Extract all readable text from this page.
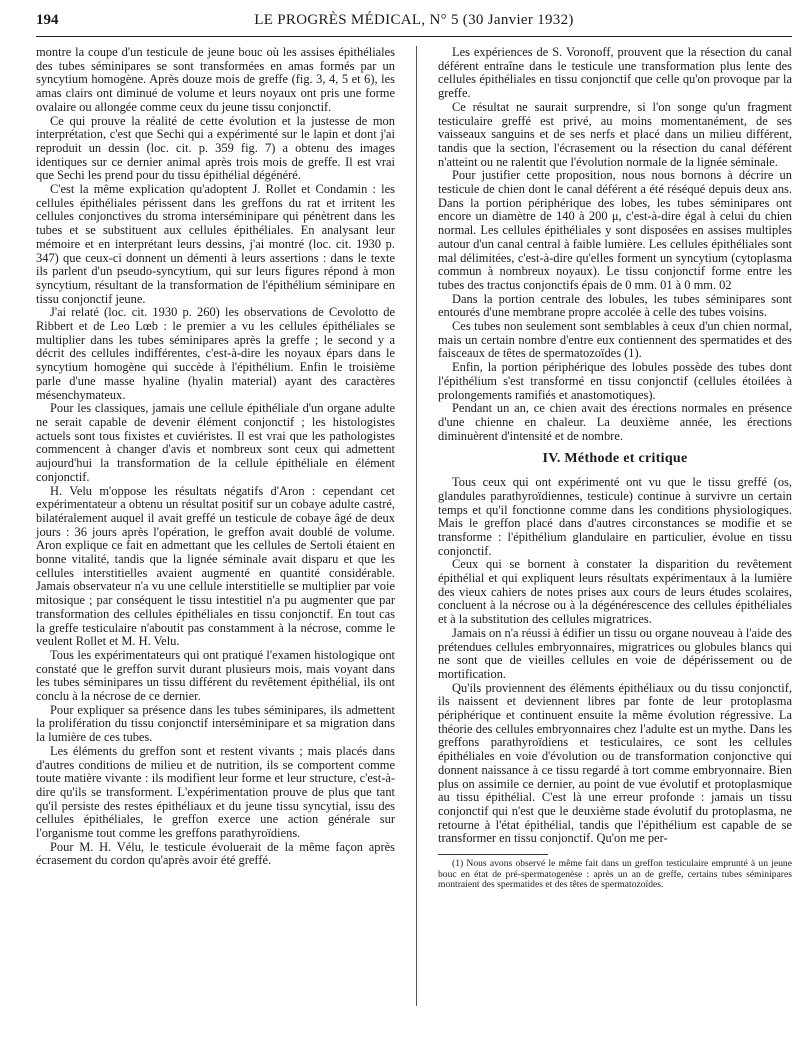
194	LE PROGRÈS MÉDICAL, N° 5 (30 Janvier 1932)

montre la coupe d'un testicule de jeune bouc où les assises épithéliales des tubes séminipares se sont transformées en amas formés par un syncytium homogène. Après douze mois de greffe (fig. 3, 4, 5 et 6), les amas clairs ont diminué de volume et leurs noyaux ont pris une forme ovalaire ou allongée comme ceux du jeune tissu conjonctif.

Ce qui prouve la réalité de cette évolution et la justesse de mon interprétation, c'est que Sechi qui a expérimenté sur le lapin et dont j'ai reproduit un dessin (loc. cit. p. 359 fig. 7) a obtenu des images identiques sur ce dernier animal après trois mois de greffe. Il est vrai que Sechi les prend pour du tissu épithélial dégénéré.

C'est la même explication qu'adoptent J. Rollet et Condamin : les cellules épithéliales périssent dans les greffons du rat et irritent les cellules conjonctives du stroma interséminipare qui pénètrent dans les tubes et se substituent aux cellules épithéliales. En analysant leur mémoire et en interprétant leurs dessins, j'ai montré (loc. cit. 1930 p. 347) que ceux-ci donnent un démenti à leurs assertions : dans le texte ils parlent d'un pseudo-syncytium, qui sur leurs figures répond à mon syncytium, résultant de la transformation de l'épithélium séminipare en tissu conjonctif jeune.

J'ai relaté (loc. cit. 1930 p. 260) les observations de Cevolotto de Ribbert et de Leo Lœb : le premier a vu les cellules épithéliales se multiplier dans les tubes séminipares après la greffe ; le second y a décrit des cellules indifférentes, c'est-à-dire les noyaux épars dans le syncytium homogène qui succède à l'épithélium. Enfin le troisième parle d'une masse hyaline (hyalin material) ayant des caractères mésenchymateux.

Pour les classiques, jamais une cellule épithéliale d'un organe adulte ne serait capable de devenir élément conjonctif ; les histologistes actuels sont tous fixistes et cuviéristes. Il est vrai que les pathologistes commencent à changer d'avis et nombreux sont ceux qui admettent aujourd'hui la transformation de la cellule épithéliale en élément conjonctif.

H. Velu m'oppose les résultats négatifs d'Aron : cependant cet expérimentateur a obtenu un résultat positif sur un cobaye adulte castré, bilatéralement auquel il avait greffé un testicule de cobaye âgé de deux jours : 36 jours après l'opération, le greffon avait doublé de volume. Aron explique ce fait en admettant que les cellules de Sertoli étaient en bonne vitalité, tandis que la lignée séminale avait disparu et que les cellules interstitielles avaient augmenté en quantité considérable. Jamais observateur n'a vu une cellule interstitielle se multiplier par voie mitosique ; par conséquent le tissu intestitiel n'a pu augmenter que par transformation des cellules épithéliales en tissu conjonctif. En tout cas la greffe testiculaire n'aboutit pas constamment à la nécrose, comme le veulent Rollet et M. H. Velu.

Tous les expérimentateurs qui ont pratiqué l'examen histologique ont constaté que le greffon survit durant plusieurs mois, mais voyant dans les tubes séminipares un tissu différent du revêtement épithélial, ils ont conclu à la nécrose de ce dernier.

Pour expliquer sa présence dans les tubes séminipares, ils admettent la prolifération du tissu conjonctif interséminipare et sa migration dans la lumière de ces tubes.

Les éléments du greffon sont et restent vivants ; mais placés dans d'autres conditions de milieu et de nutrition, ils se comportent comme toute matière vivante : ils modifient leur forme et leur structure, c'est-à-dire qu'ils se transforment. L'expérimentation prouve de plus que tant qu'il persiste des restes épithéliaux et du jeune tissu syncytial, issu des cellules épithéliales, le greffon exerce une action générale sur l'organisme tout comme les greffons parathyroïdiens.

Pour M. H. Vélu, le testicule évoluerait de la même façon après écrasement du cordon qu'après avoir été greffé.

Les expériences de S. Voronoff, prouvent que la résection du canal déférent entraîne dans le testicule une transformation plus lente des cellules épithéliales en tissu conjonctif que celle qu'on provoque par la greffe.

Ce résultat ne saurait surprendre, si l'on songe qu'un fragment testiculaire greffé est privé, au moins momentanément, de ses vaisseaux sanguins et de ses nerfs et placé dans un milieu différent, tandis que la section, l'écrasement ou la résection du canal déférent n'atteint ou ne ralentit que l'évolution normale de la lignée séminale.

Pour justifier cette proposition, nous nous bornons à décrire un testicule de chien dont le canal déférent a été réséqué depuis deux ans. Dans la portion périphérique des lobes, les tubes séminipares ont encore un diamètre de 140 à 200 μ, c'est-à-dire égal à celui du chien normal. Les cellules épithéliales y sont disposées en assises multiples autour d'un canal central à faible lumière. Les cellules épithéliales sont mal délimitées, c'est-à-dire qu'elles forment un syncytium (cytoplasma commun à nombreux noyaux). Le tissu conjonctif forme entre les tubes des tractus conjonctifs épais de 0 mm. 01 à 0 mm. 02

Dans la portion centrale des lobules, les tubes séminipares sont entourés d'une membrane propre accolée à celle des tubes voisins.

Ces tubes non seulement sont semblables à ceux d'un chien normal, mais un certain nombre d'entre eux contiennent des spermatides et des faisceaux de têtes de spermatozoïdes (1).

Enfin, la portion périphérique des lobules possède des tubes dont l'épithélium s'est transformé en tissu conjonctif (cellules étoilées à prolongements ramifiés et anastomotiques).

Pendant un an, ce chien avait des érections normales en présence d'une chienne en chaleur. La deuxième année, les érections diminuèrent d'intensité et de nombre.

IV. Méthode et critique

Tous ceux qui ont expérimenté ont vu que le tissu greffé (os, glandules parathyroïdiennes, testicule) continue à survivre un certain temps et qu'il fonctionne comme dans les conditions physiologiques. Mais le greffon placé dans d'autres circonstances se modifie et se transforme : l'épithélium glandulaire en particulier, évolue en tissu conjonctif.

Ceux qui se bornent à constater la disparition du revêtement épithélial et qui expliquent leurs résultats expérimentaux à la lumière des vieux cahiers de notes prises aux cours de leurs études scolaires, concluent à la nécrose ou à la dégénérescence des cellules épithéliales et à la substitution des cellules migratrices.

Jamais on n'a réussi à édifier un tissu ou organe nouveau à l'aide des prétendues cellules embryonnaires, migratrices ou globules blancs qui ne sont que de vieilles cellules en voie de dépérissement ou de mortification.

Qu'ils proviennent des éléments épithéliaux ou du tissu conjonctif, ils naissent et deviennent libres par fonte de leur protoplasma périphérique et continuent ensuite la même évolution régressive. La théorie des cellules embryonnaires chez l'adulte est un mythe. Dans les greffons parathyroïdiens et testiculaires, ce sont les cellules épithéliales en voie d'évolution ou de transformation conjonctive qui donnent naissance à ce tissu regardé à tort comme embryonnaire. Bien plus on assimile ce dernier, au point de vue évolutif et protoplasmique au tissu épithélial. C'est là une erreur profonde : jamais un tissu conjonctif qui n'est que le deuxième stade évolutif du protoplasma, ne retourne à l'état épithélial, tandis que l'épithélium est capable de se transformer en tissu conjonctif. Qu'on me per-

(1) Nous avons observé le même fait dans un greffon testiculaire emprunté à un jeune bouc en état de pré-spermatogenèse : après un an de greffe, certains tubes séminipares montraient des spermatides et des têtes de spermatozoïdes.
